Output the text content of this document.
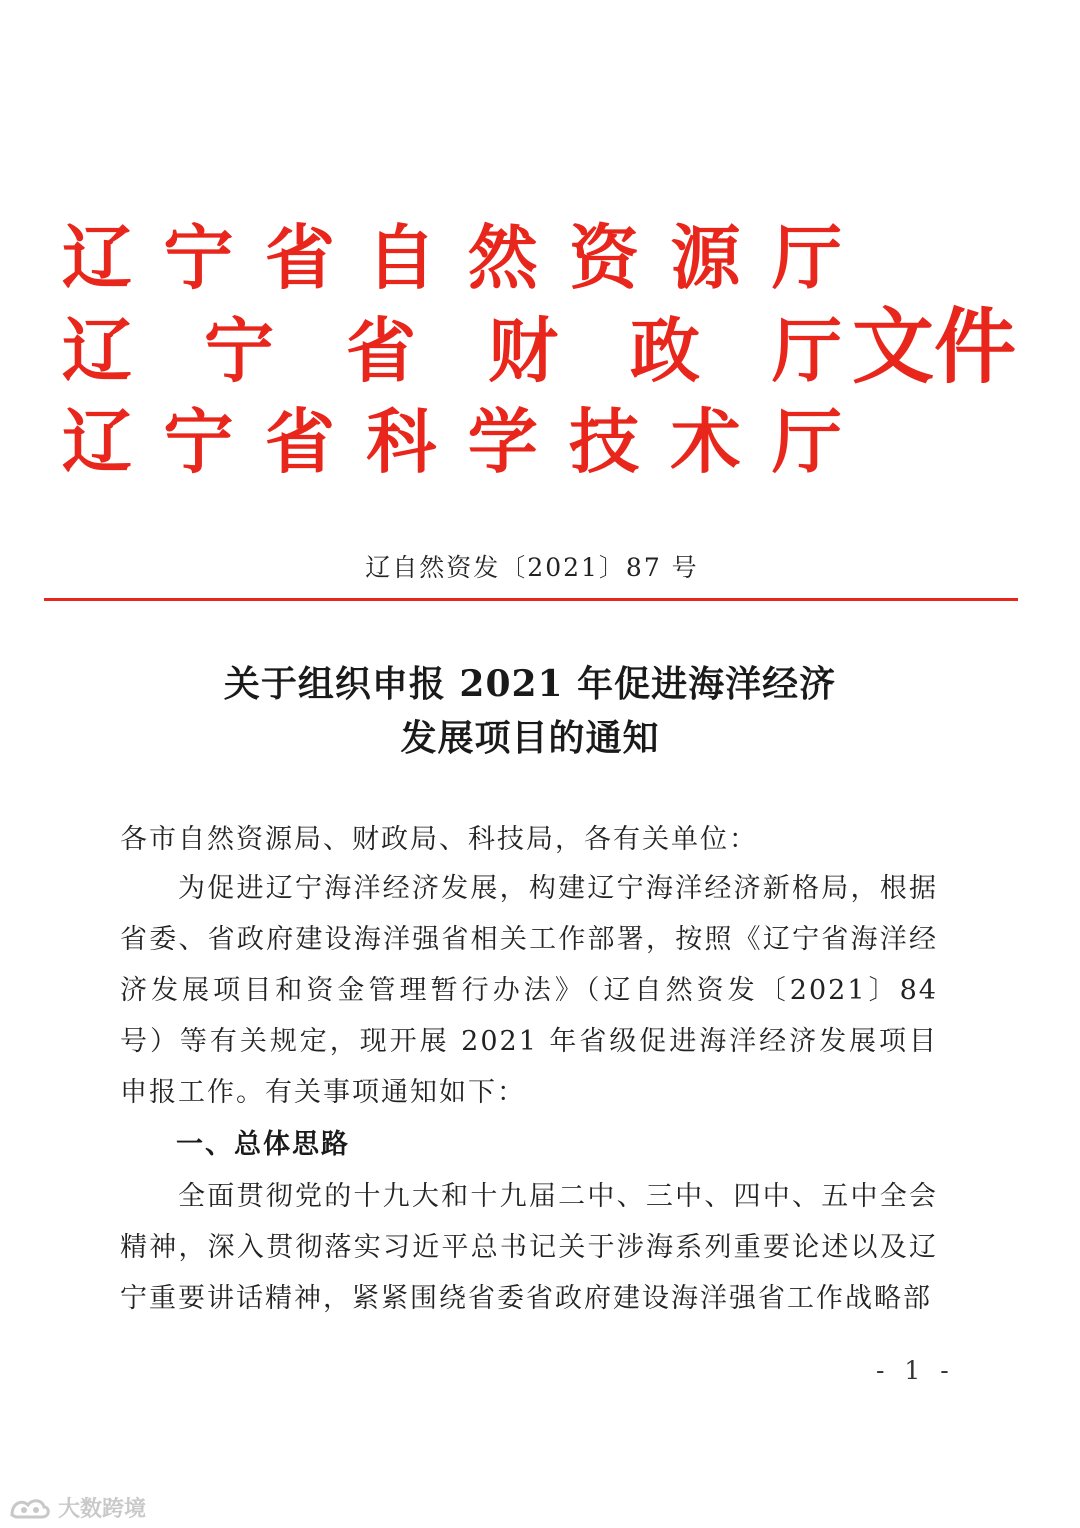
辽 宁 省 自 然 资 源 厅
辽 宁 省 财 政 厅
辽 宁 省 科 学 技 术 厅
文件
辽自然资发〔2021〕87 号
关于组织申报 2021 年促进海洋经济
发展项目的通知
各市自然资源局、财政局、科技局，各有关单位：
为促进辽宁海洋经济发展，构建辽宁海洋经济新格局，根据省委、省政府建设海洋强省相关工作部署，按照《辽宁省海洋经济发展项目和资金管理暂行办法》（辽自然资发〔2021〕84 号）等有关规定，现开展 2021 年省级促进海洋经济发展项目申报工作。有关事项通知如下：
一、总体思路
全面贯彻党的十九大和十九届二中、三中、四中、五中全会精神，深入贯彻落实习近平总书记关于涉海系列重要论述以及辽宁重要讲话精神，紧紧围绕省委省政府建设海洋强省工作战略部
- 1 -
大数跨境
